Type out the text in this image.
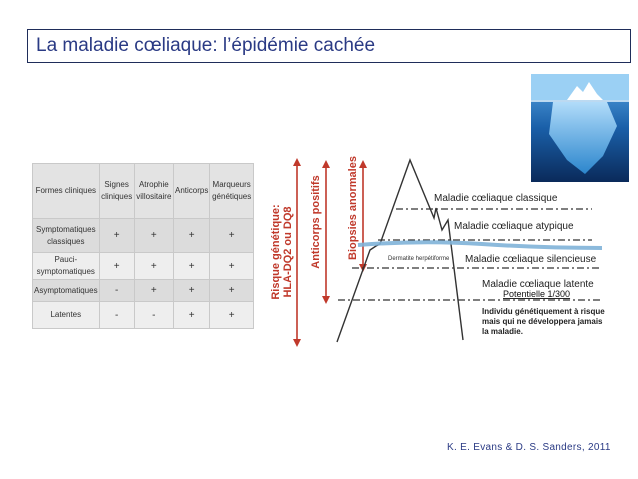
La maladie cœliaque: l’épidémie cachée
Formes cliniques	Signes cliniques	Atrophie villositaire	Anticorps	Marqueurs génétiques
Symptomatiques classiques	+	+	+	+
Pauci-symptomatiques	+	+	+	+
Asymptomatiques	-	+	+	+
Latentes	-	-	+	+
Risque génétique: HLA-DQ2 ou DQ8 Anticorps positifs Biopsies anormales	Maladie cœliaque classique
Maladie cœliaque atypique
Maladie cœliaque silencieuse
Maladie cœliaque latente
Individu génétiquement à risque
mais qui ne développera jamais
la maladie.
Dermatite herpétiforme
Potentielle 1/300
K. E. Evans & D. S. Sanders, 2011
